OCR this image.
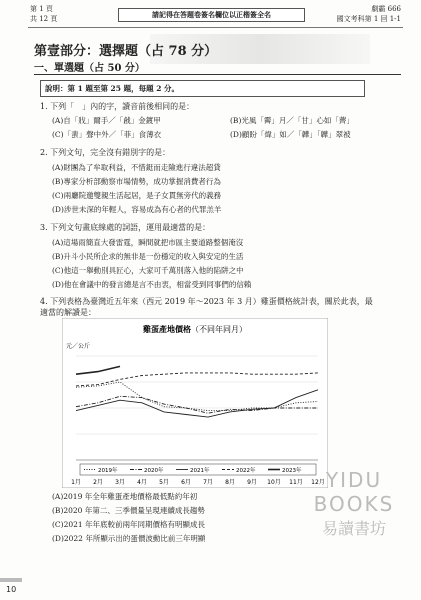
第 1 頁
共 12 頁	請記得在答題卷簽名欄位以正楷簽全名
劇霸 666
國文考科第 1 回 1-1
第壹部分：選擇題（占 78 分）
一、單選題（占 50 分）
說明：第 1 題至第 25 題，每題 2 分。
1. 下列「　」內的字，讀音前後相同的是：
(A)自「戕」爾手／「戧」金鍍甲	(B)光風「霽」月／「甘」心如「薺」
(C)「蜚」聲中外／「菲」食薄衣	(D)顧盼「煒」如／「韡」「韡」翠被
2. 下列文句，完全沒有錯別字的是：
(A)財團為了牟取利益，不惜鋌而走險進行違法超貸
(B)專家分析部動察市場情勢，成功掌握消費者行為
(C)兩廳院邀雙親生活起居，是子女貫無旁代的義務
(D)涉世未深的年輕人，容易成為有心者的代罪羔羊
3. 下列文句畫底線處的詞語，運用最適當的是：
(A)這場雨簡直大發雷霆，瞬間就把市區主要道路整個淹沒
(B)升斗小民所企求的無非是一份穩定的收入與安定的生活
(C)他這一舉動別具匠心，大家可千萬別落入他的陷阱之中
(D)他在會議中的發言總是言不由衷，相當受到同事們的信賴
4. 下列表格為臺灣近五年來（西元 2019 年～2023 年 3 月）雞蛋價格統計表，關於此表，最
適當的解讀是：
雞蛋產地價格（不同年同月）
元／公斤
1月 2月 3月 4月 5月 6月 7月 8月 9月 10月 11月 12月
2019年	2020年	2021年	2022年	2023年
(A)2019 年全年雞蛋產地價格最低點約年初
(B)2020 年第二、三季價量呈現連續成長趨勢
(C)2021 年年底較前兩年同期價格有明顯成長
(D)2022 年所顯示出的蛋價波動比前三年明顯
YIDU
BOOKS
易讀書坊
10
